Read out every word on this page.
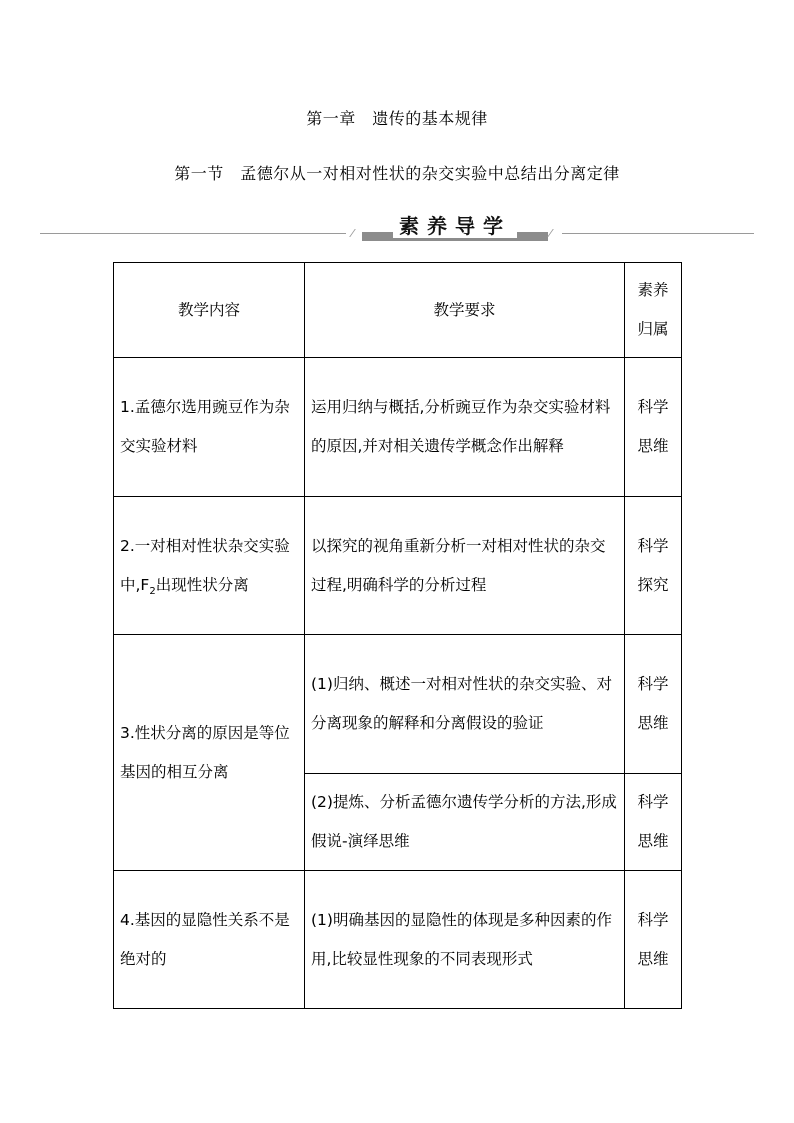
第一章　遗传的基本规律
第一节　孟德尔从一对相对性状的杂交实验中总结出分离定律
素养导学
教学内容	教学要求	素养归属
1.孟德尔选用豌豆作为杂交实验材料	运用归纳与概括,分析豌豆作为杂交实验材料的原因,并对相关遗传学概念作出解释	科学思维
2.一对相对性状杂交实验中$,F_2$出现性状分离	以探究的视角重新分析一对相对性状的杂交过程,明确科学的分析过程	科学探究
3.性状分离的原因是等位基因的相互分离	(1)归纳、概述一对相对性状的杂交实验、对分离现象的解释和分离假设的验证	科学思维
	(2)提炼、分析孟德尔遗传学分析的方法,形成假说-演绎思维	科学思维
4.基因的显隐性关系不是绝对的	(1)明确基因的显隐性的体现是多种因素的作用,比较显性现象的不同表现形式	科学思维
